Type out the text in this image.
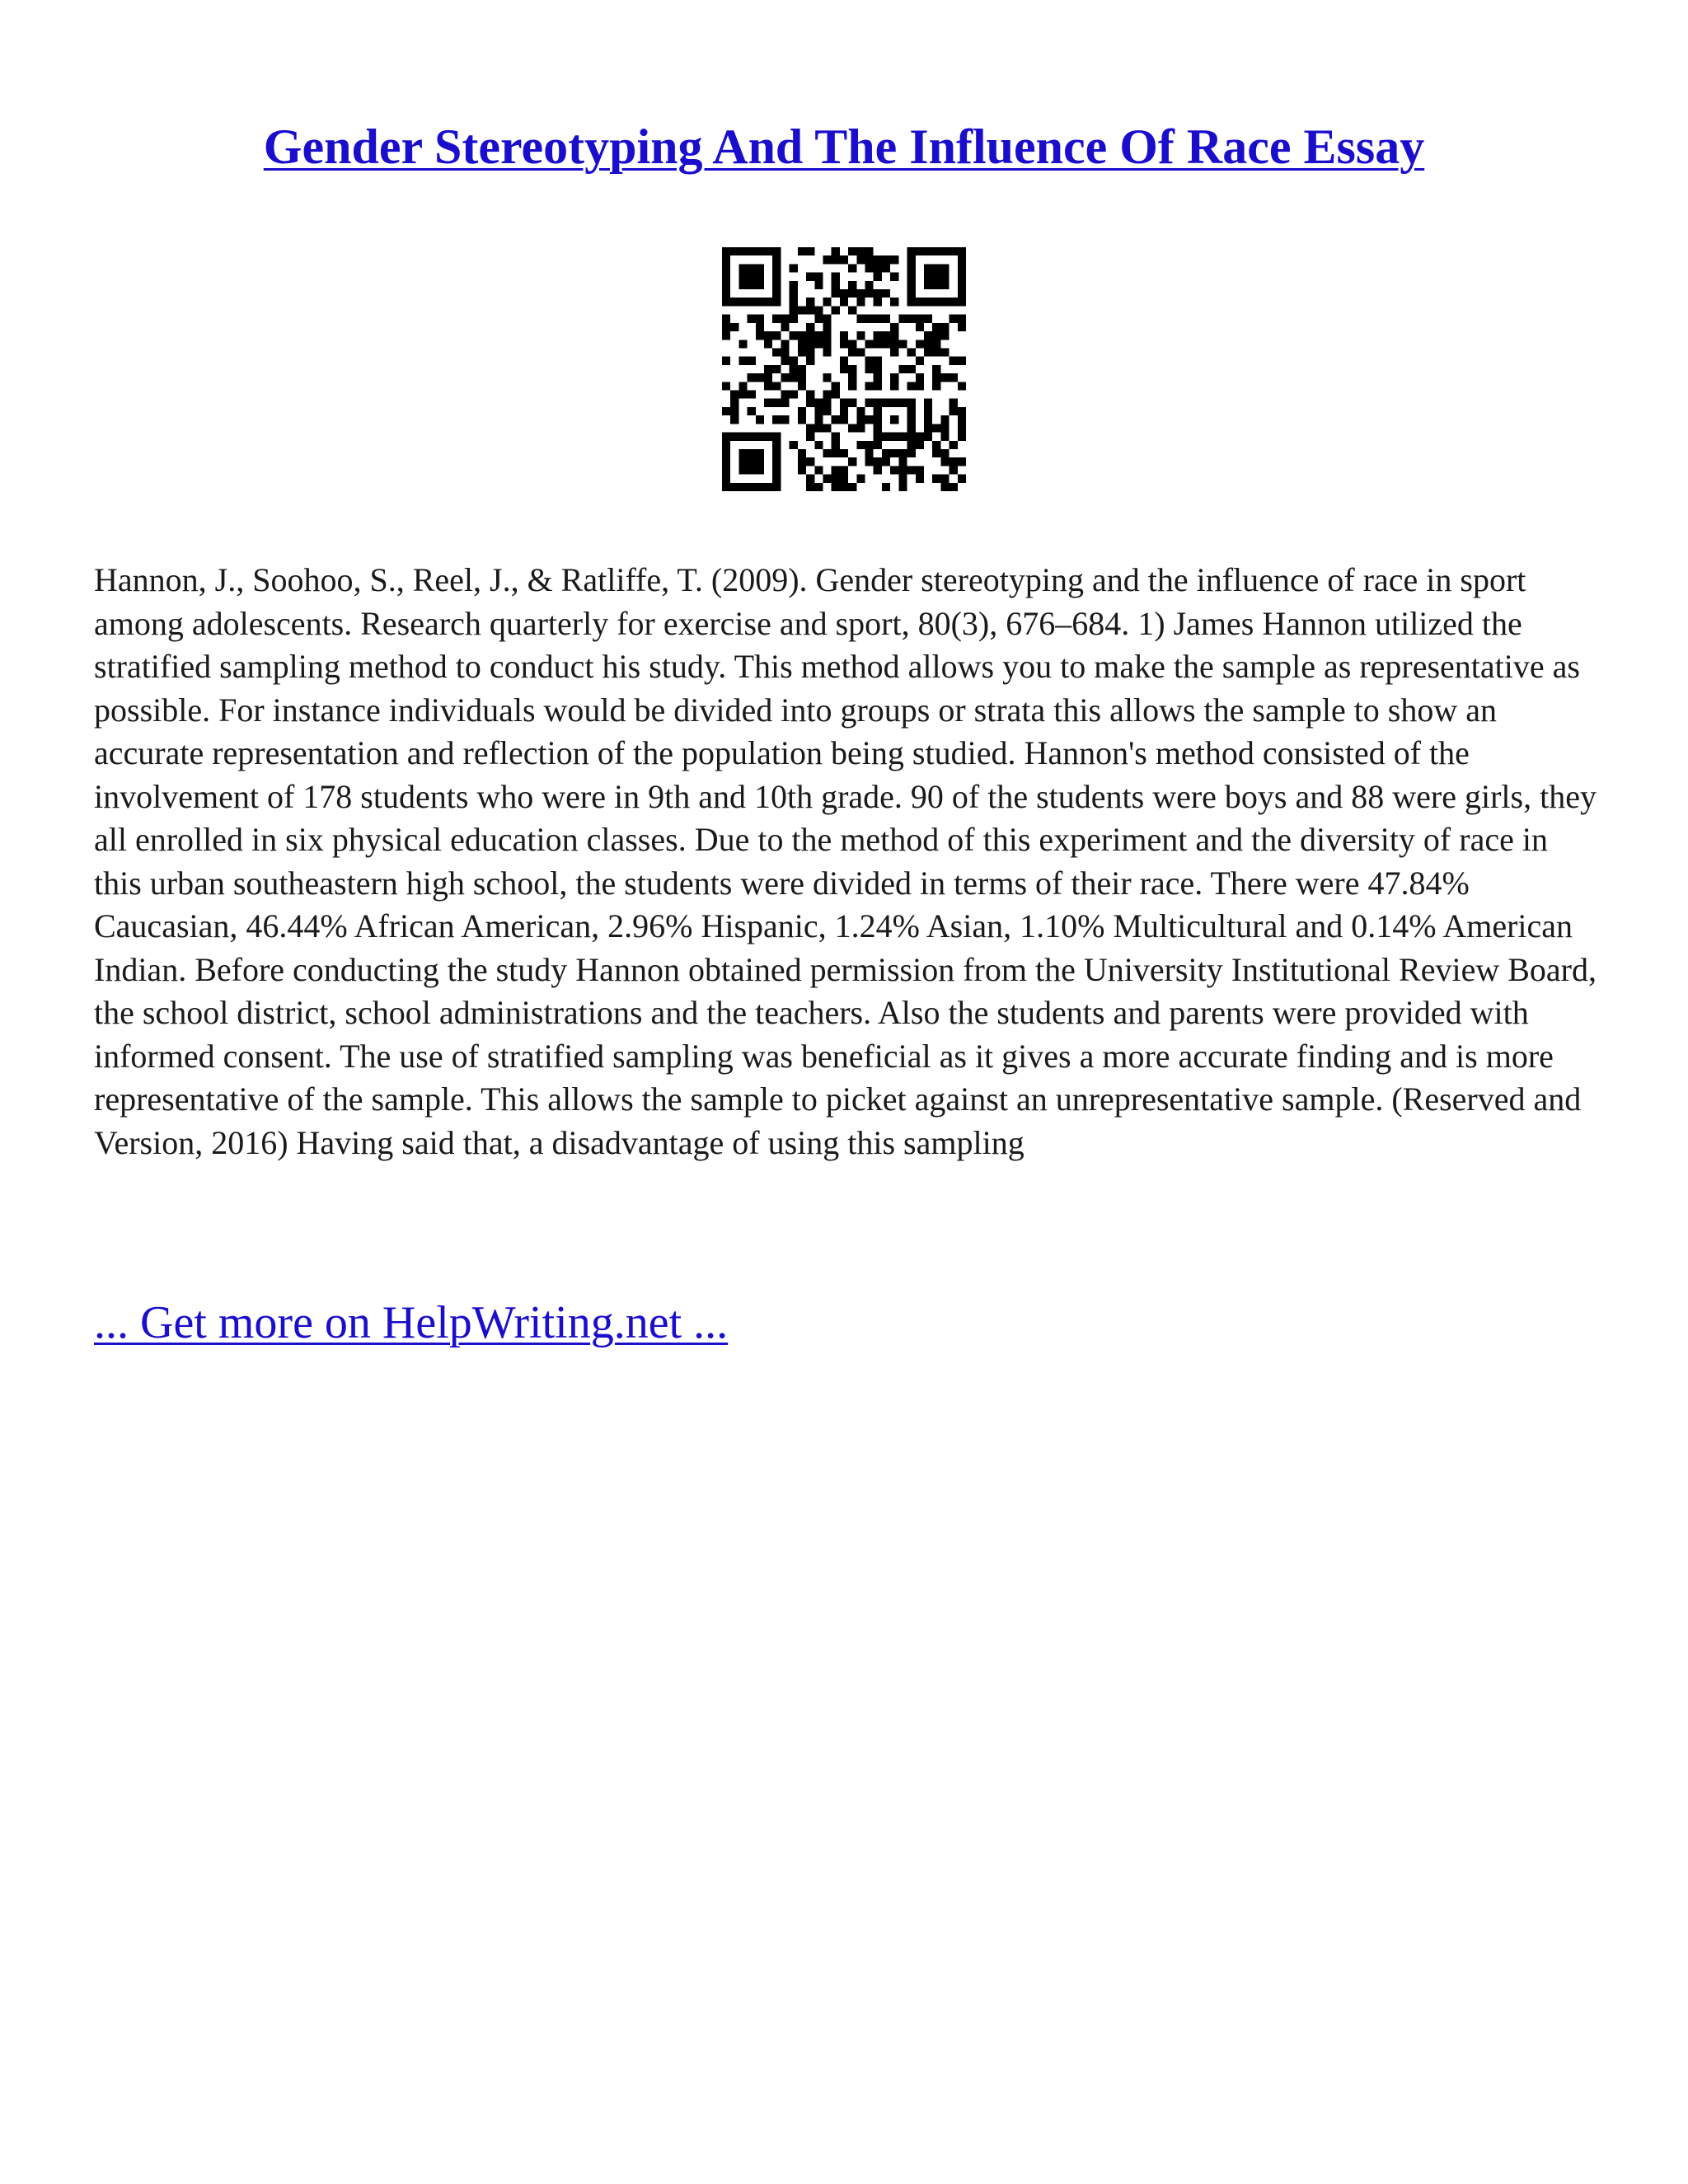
Gender Stereotyping And The Influence Of Race Essay

Hannon, J., Soohoo, S., Reel, J., & Ratliffe, T. (2009). Gender stereotyping and the influence of race in sport among adolescents. Research quarterly for exercise and sport, 80(3), 676–684. 1) James Hannon utilized the stratified sampling method to conduct his study. This method allows you to make the sample as representative as possible. For instance individuals would be divided into groups or strata this allows the sample to show an accurate representation and reflection of the population being studied. Hannon's method consisted of the involvement of 178 students who were in 9th and 10th grade. 90 of the students were boys and 88 were girls, they all enrolled in six physical education classes. Due to the method of this experiment and the diversity of race in this urban southeastern high school, the students were divided in terms of their race. There were 47.84% Caucasian, 46.44% African American, 2.96% Hispanic, 1.24% Asian, 1.10% Multicultural and 0.14% American Indian. Before conducting the study Hannon obtained permission from the University Institutional Review Board, the school district, school administrations and the teachers. Also the students and parents were provided with informed consent. The use of stratified sampling was beneficial as it gives a more accurate finding and is more representative of the sample. This allows the sample to picket against an unrepresentative sample. (Reserved and Version, 2016) Having said that, a disadvantage of using this sampling

... Get more on HelpWriting.net ...
